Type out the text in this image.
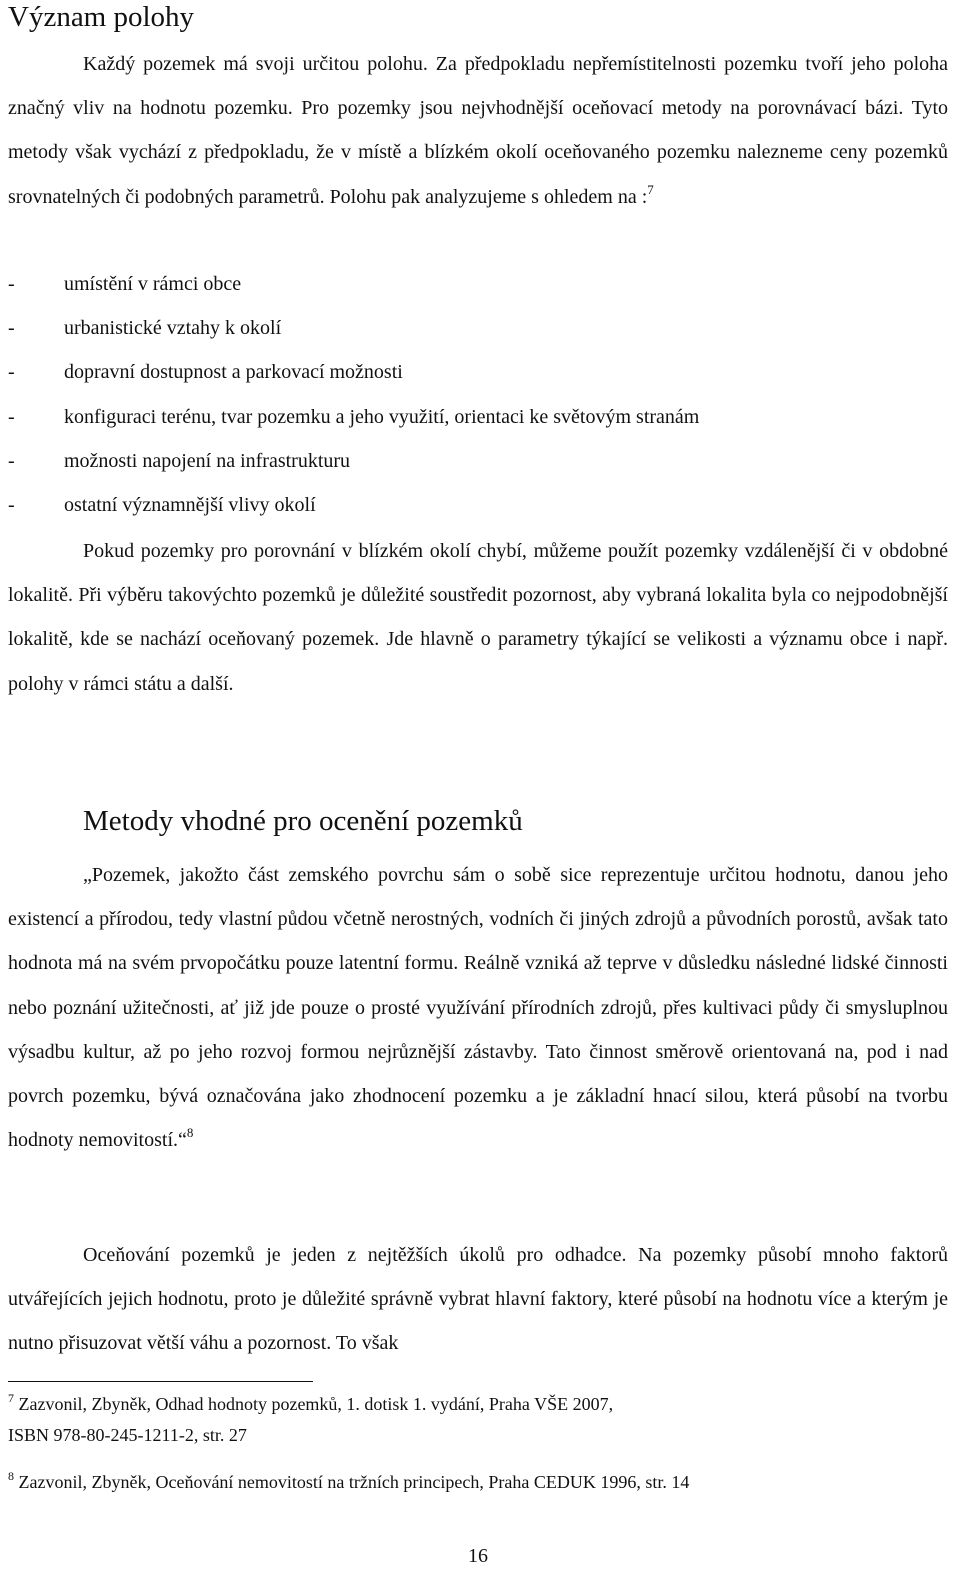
Význam polohy

Každý pozemek má svoji určitou polohu. Za předpokladu nepřemístitelnosti pozemku tvoří jeho poloha značný vliv na hodnotu pozemku. Pro pozemky jsou nejvhodnější oceňovací metody na porovnávací bázi. Tyto metody však vychází z předpokladu, že v místě a blízkém okolí oceňovaného pozemku nalezneme ceny pozemků srovnatelných či podobných parametrů. Polohu pak analyzujeme s ohledem na :$^7$

- umístění v rámci obce
- urbanistické vztahy k okolí
- dopravní dostupnost a parkovací možnosti
- konfiguraci terénu, tvar pozemku a jeho využití, orientaci ke světovým stranám
- možnosti napojení na infrastrukturu
- ostatní významnější vlivy okolí

Pokud pozemky pro porovnání v blízkém okolí chybí, můžeme použít pozemky vzdálenější či v obdobné lokalitě. Při výběru takovýchto pozemků je důležité soustředit pozornost, aby vybraná lokalita byla co nejpodobnější lokalitě, kde se nachází oceňovaný pozemek. Jde hlavně o parametry týkající se velikosti a významu obce i např. polohy v rámci státu a další.

Metody vhodné pro ocenění pozemků

„Pozemek, jakožto část zemského povrchu sám o sobě sice reprezentuje určitou hodnotu, danou jeho existencí a přírodou, tedy vlastní půdou včetně nerostných, vodních či jiných zdrojů a původních porostů, avšak tato hodnota má na svém prvopočátku pouze latentní formu. Reálně vzniká až teprve v důsledku následné lidské činnosti nebo poznání užitečnosti, ať již jde pouze o prosté využívání přírodních zdrojů, přes kultivaci půdy či smysluplnou výsadbu kultur, až po jeho rozvoj formou nejrůznější zástavby. Tato činnost směrově orientovaná na, pod i nad povrch pozemku, bývá označována jako zhodnocení pozemku a je základní hnací silou, která působí na tvorbu hodnoty nemovitostí.“$^8$

Oceňování pozemků je jeden z nejtěžších úkolů pro odhadce. Na pozemky působí mnoho faktorů utvářejících jejich hodnotu, proto je důležité správně vybrat hlavní faktory, které působí na hodnotu více a kterým je nutno přisuzovat větší váhu a pozornost. To však

$^7$ Zazvonil, Zbyněk, Odhad hodnoty pozemků, 1. dotisk 1. vydání, Praha VŠE 2007,

ISBN 978-80-245-1211-2, str. 27

$^8$ Zazvonil, Zbyněk, Oceňování nemovitostí na tržních principech, Praha CEDUK 1996, str. 14

16
